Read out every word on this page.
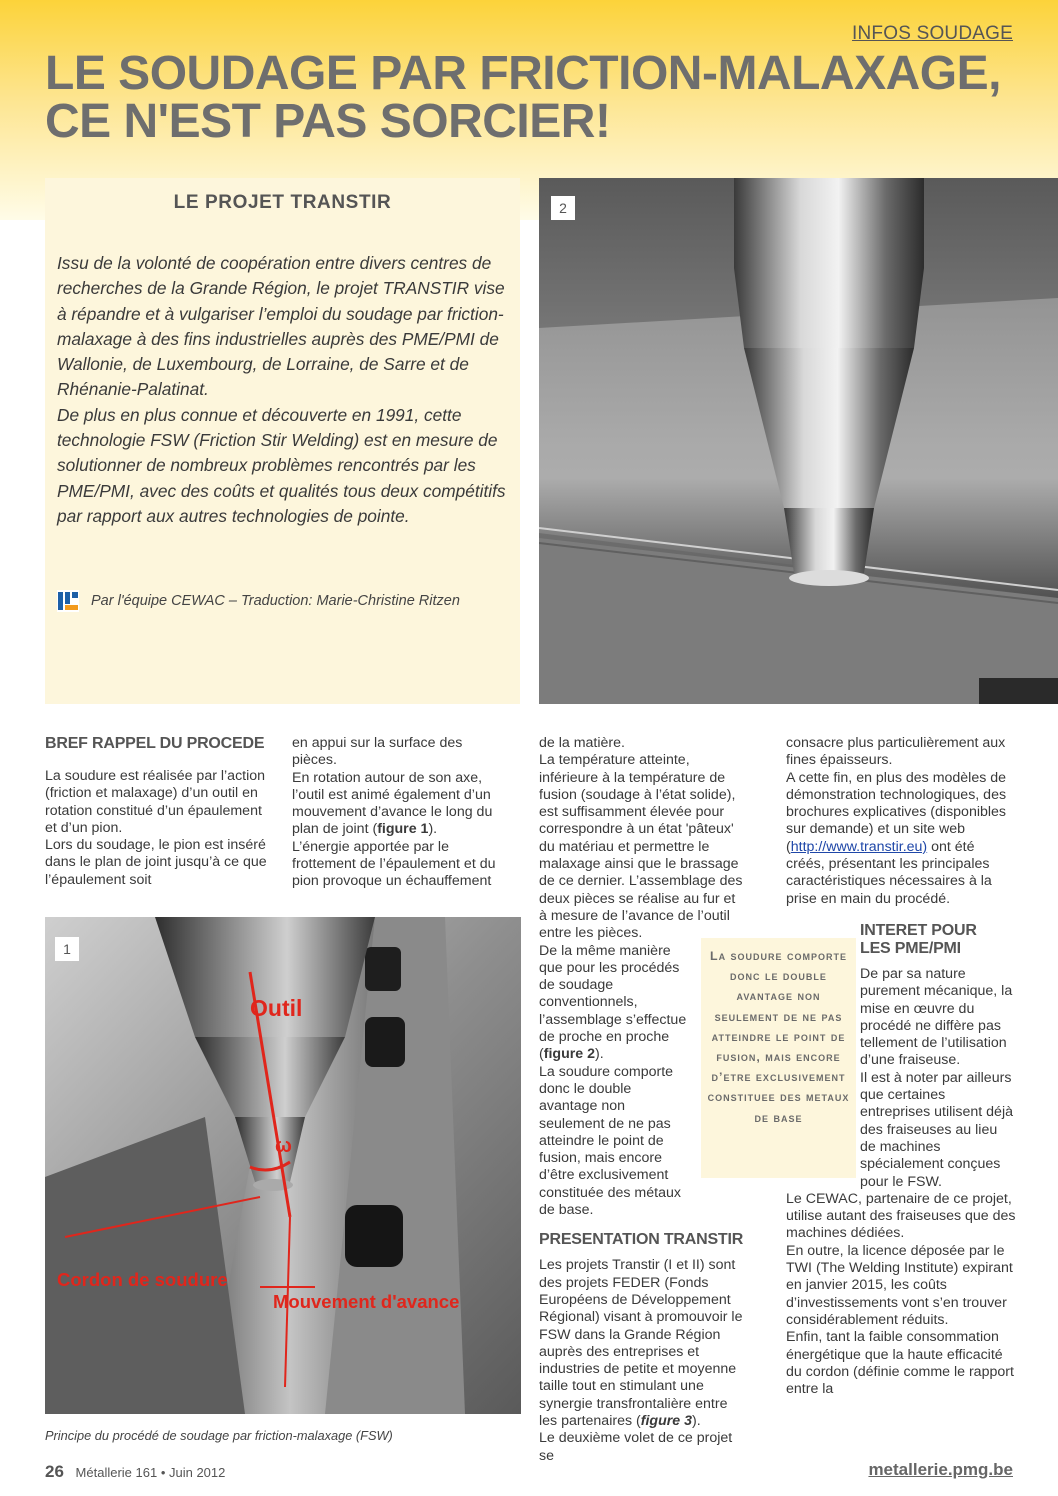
INFOS SOUDAGE
LE SOUDAGE PAR FRICTION-MALAXAGE,
CE N'EST PAS SORCIER!
LE PROJET TRANSTIR

Issu de la volonté de coopération entre divers centres de recherches de la Grande Région, le projet TRANSTIR vise à répandre et à vulgariser l’emploi du soudage par friction-malaxage à des fins industrielles auprès des PME/PMI de Wallonie, de Luxembourg, de Lorraine, de Sarre et de Rhénanie-Palatinat.

De plus en plus connue et découverte en 1991, cette technologie FSW (Friction Stir Welding) est en mesure de solutionner de nombreux problèmes rencontrés par les PME/PMI, avec des coûts et qualités tous deux compétitifs par rapport aux autres technologies de pointe.

Par l'équipe CEWAC – Traduction: Marie-Christine Ritzen
2
BREF RAPPEL DU PROCEDE

La soudure est réalisée par l’action (friction et malaxage) d’un outil en rotation constitué d’un épaulement et d’un pion.

Lors du soudage, le pion est inséré dans le plan de joint jusqu’à ce que l’épaulement soit

en appui sur la surface des pièces.

En rotation autour de son axe, l’outil est animé également d’un mouvement d’avance le long du plan de joint (figure 1).

L’énergie apportée par le frottement de l’épaulement et du pion provoque un échauffement

1
Outil
ω
Cordon de soudure
Mouvement d'avance
Principe du procédé de soudage par friction-malaxage (FSW)

de la matière.

La température atteinte, inférieure à la température de fusion (soudage à l’état solide), est suffisamment élevée pour correspondre à un état 'pâteux' du matériau et permettre le malaxage ainsi que le brassage de ce dernier. L’assemblage des deux pièces se réalise au fur et à mesure de l’avance de l’outil entre les pièces.

De la même manière que pour les procédés de soudage conventionnels, l’assemblage s’effectue de proche en proche (figure 2).

La soudure comporte donc le double avantage non seulement de ne pas atteindre le point de fusion, mais encore d’être exclusivement constituée des métaux de base.

PRESENTATION TRANSTIR

Les projets Transtir (I et II) sont des projets FEDER (Fonds Européens de Développement Régional) visant à promouvoir le FSW dans la Grande Région auprès des entreprises et industries de petite et moyenne taille tout en stimulant une synergie transfrontalière entre les partenaires (figure 3).

Le deuxième volet de ce projet se

La soudure comporte donc le double avantage non seulement de ne pas atteindre le point de fusion, mais encore d’etre exclusivement constituee des metaux de base

consacre plus particulièrement aux fines épaisseurs.

A cette fin, en plus des modèles de démonstration technologiques, des brochures explicatives (disponibles sur demande) et un site web (http://www.transtir.eu) ont été créés, présentant les principales caractéristiques nécessaires à la prise en main du procédé.

INTERET POUR LES PME/PMI

De par sa nature purement mécanique, la mise en œuvre du procédé ne diffère pas tellement de l’utilisation d’une fraiseuse.

Il est à noter par ailleurs que certaines entreprises utilisent déjà des fraiseuses au lieu de machines spécialement conçues pour le FSW.

Le CEWAC, partenaire de ce projet, utilise autant des fraiseuses que des machines dédiées.

En outre, la licence déposée par le TWI (The Welding Institute) expirant en janvier 2015, les coûts d’investissements vont s’en trouver considérablement réduits.

Enfin, tant la faible consommation énergétique que la haute efficacité du cordon (définie comme le rapport entre la

26 Métallerie 161 • Juin 2012	metallerie.pmg.be
